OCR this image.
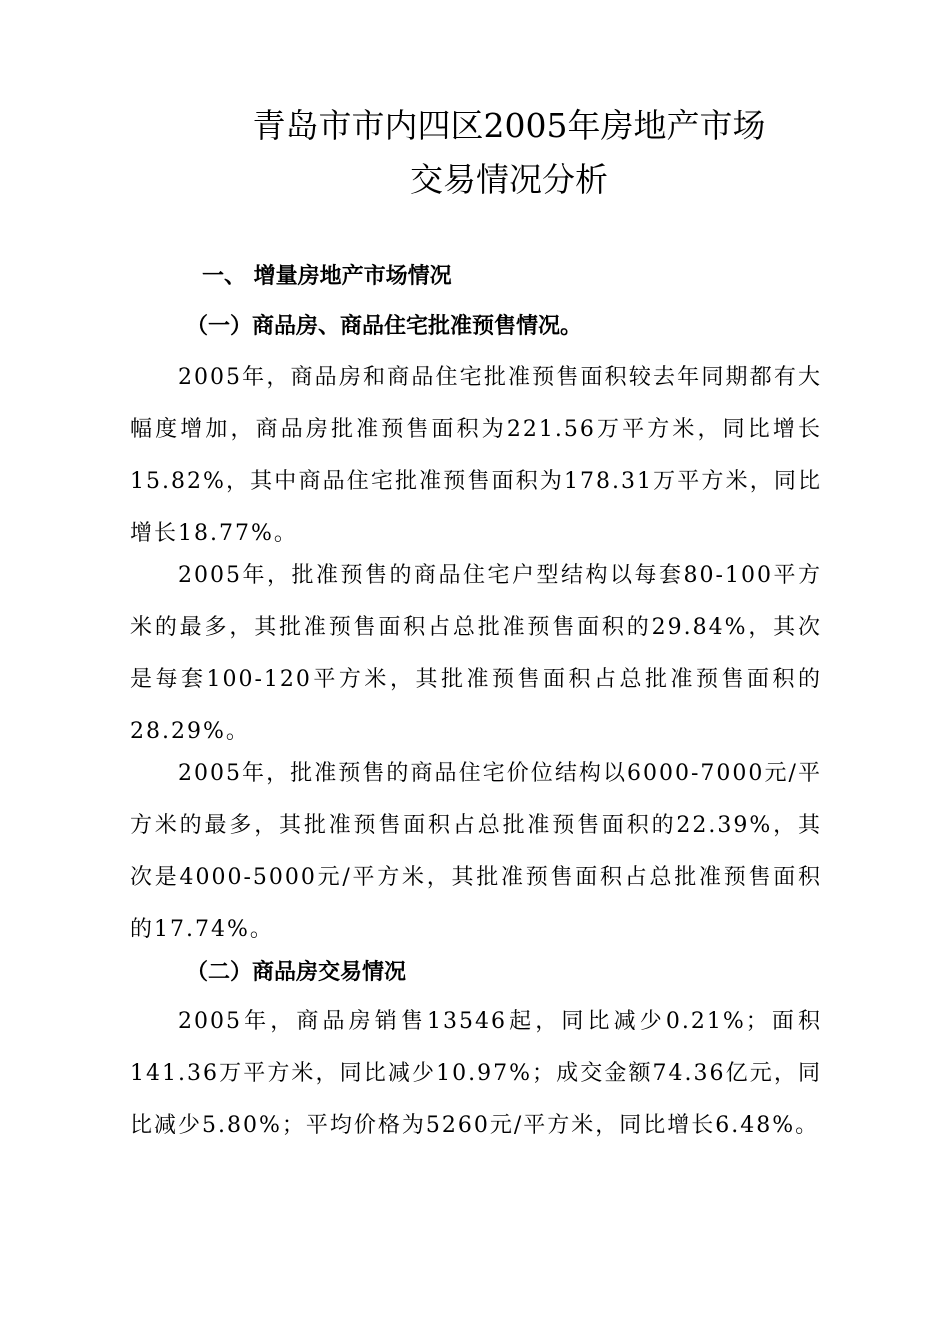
青岛市市内四区2005年房地产市场
交易情况分析
一、 增量房地产市场情况
（一）商品房、商品住宅批准预售情况。

2005年，商品房和商品住宅批准预售面积较去年同期都有大幅度增加，商品房批准预售面积为221.56万平方米，同比增长15.82%，其中商品住宅批准预售面积为178.31万平方米，同比增长18.77%。

2005年，批准预售的商品住宅户型结构以每套80-100平方米的最多，其批准预售面积占总批准预售面积的29.84%，其次是每套100-120平方米，其批准预售面积占总批准预售面积的28.29%。

2005年，批准预售的商品住宅价位结构以6000-7000元/平方米的最多，其批准预售面积占总批准预售面积的22.39%，其次是4000-5000元/平方米，其批准预售面积占总批准预售面积的17.74%。

（二）商品房交易情况

2005年，商品房销售13546起，同比减少0.21%；面积141.36万平方米，同比减少10.97%；成交金额74.36亿元，同比减少5.80%；平均价格为5260元/平方米，同比增长6.48%。
